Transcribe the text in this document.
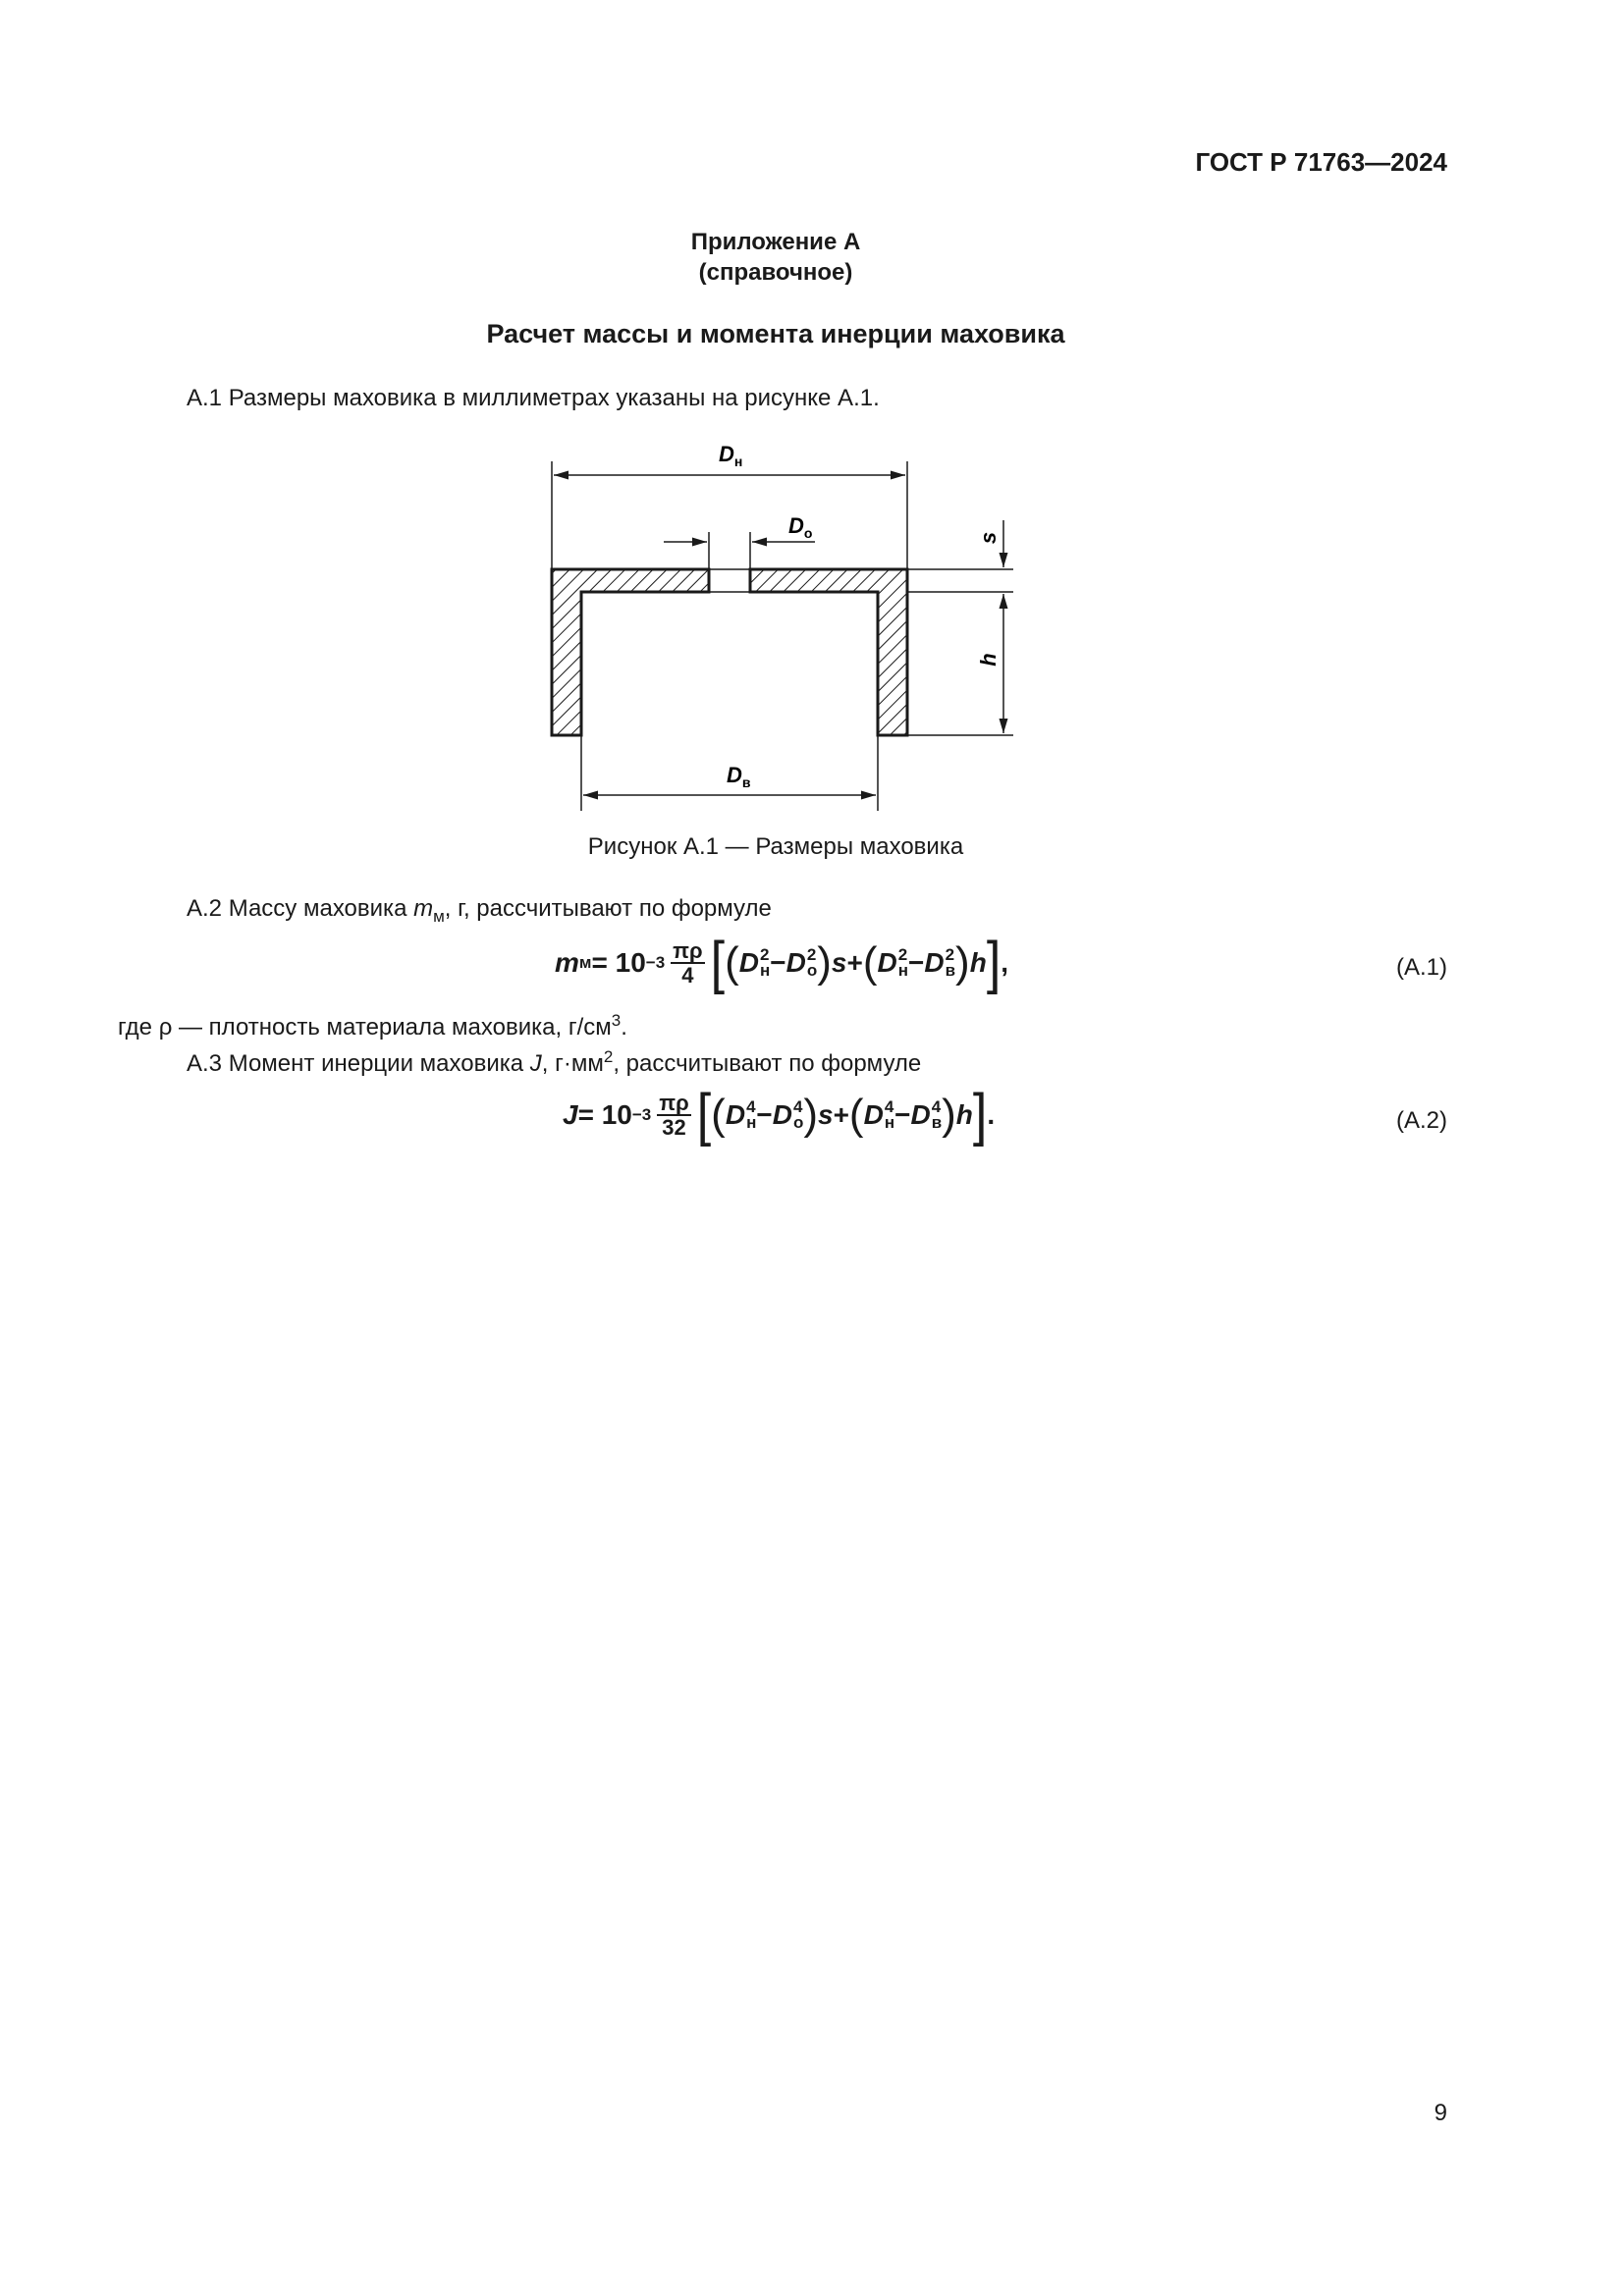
ГОСТ Р 71763—2024
Приложение А
(справочное)
Расчет массы и момента инерции маховика
А.1 Размеры маховика в миллиметрах указаны на рисунке А.1.
$D_н$
$D_о$
$D_в$
s
h
Рисунок А.1 — Размеры маховика
А.2 Массу маховика $m_м$, г, рассчитывают по формуле
m $м = 10 -3 \frac{\pi\rho}{4}$ [ ( D 2
н − D 2
о ) s + ( D 2
н − D 2
в ) h ] ,	(А.1)
где ρ — плотность материала маховика, $г/см^3$.
А.3 Момент инерции маховика J, $г\cdot мм^2$, рассчитывают по формуле
$J = 10 -3 \frac{\pi\rho}{32}$ [ ( D 4
н − D 4
о ) s + ( D 4
н − D 4
в ) h ] .	(А.2)
9
